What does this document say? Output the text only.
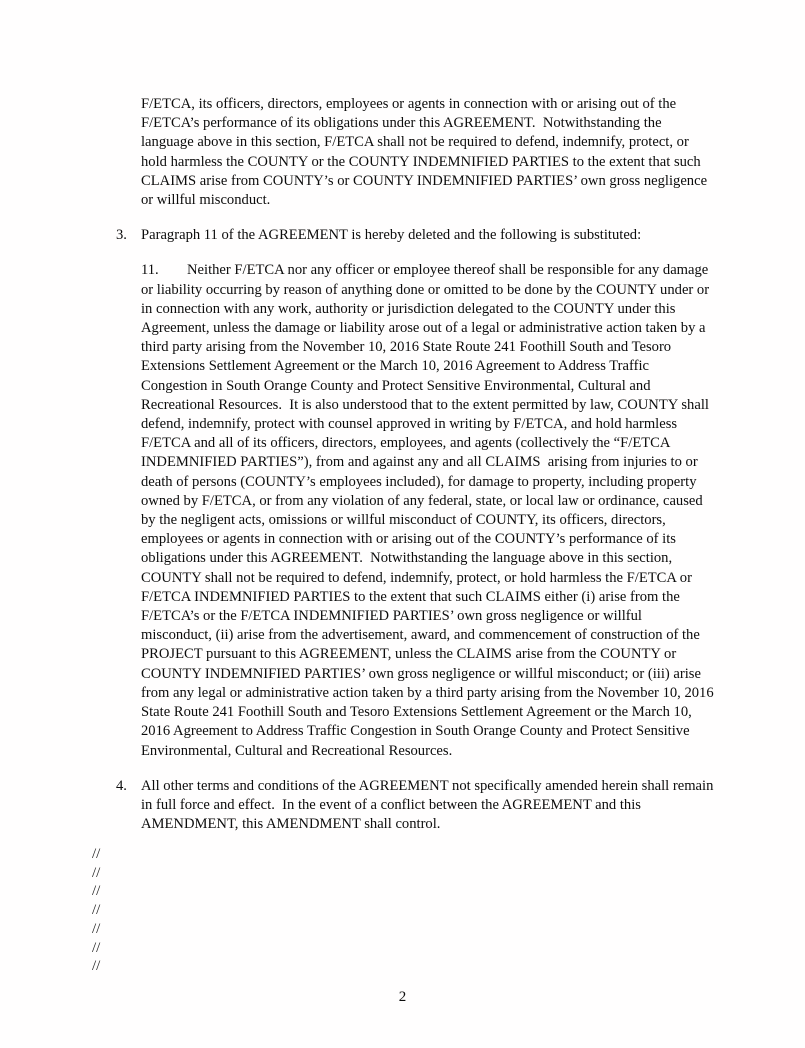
F/ETCA, its officers, directors, employees or agents in connection with or arising out of the F/ETCA’s performance of its obligations under this AGREEMENT.  Notwithstanding the language above in this section, F/ETCA shall not be required to defend, indemnify, protect, or hold harmless the COUNTY or the COUNTY INDEMNIFIED PARTIES to the extent that such CLAIMS arise from COUNTY’s or COUNTY INDEMNIFIED PARTIES’ own gross negligence or willful misconduct.

3. Paragraph 11 of the AGREEMENT is hereby deleted and the following is substituted:

11. Neither F/ETCA nor any officer or employee thereof shall be responsible for any damage or liability occurring by reason of anything done or omitted to be done by the COUNTY under or in connection with any work, authority or jurisdiction delegated to the COUNTY under this Agreement, unless the damage or liability arose out of a legal or administrative action taken by a third party arising from the November 10, 2016 State Route 241 Foothill South and Tesoro Extensions Settlement Agreement or the March 10, 2016 Agreement to Address Traffic Congestion in South Orange County and Protect Sensitive Environmental, Cultural and Recreational Resources.  It is also understood that to the extent permitted by law, COUNTY shall defend, indemnify, protect with counsel approved in writing by F/ETCA, and hold harmless F/ETCA and all of its officers, directors, employees, and agents (collectively the “F/ETCA INDEMNIFIED PARTIES”), from and against any and all CLAIMS  arising from injuries to or death of persons (COUNTY’s employees included), for damage to property, including property owned by F/ETCA, or from any violation of any federal, state, or local law or ordinance, caused by the negligent acts, omissions or willful misconduct of COUNTY, its officers, directors, employees or agents in connection with or arising out of the COUNTY’s performance of its obligations under this AGREEMENT.  Notwithstanding the language above in this section, COUNTY shall not be required to defend, indemnify, protect, or hold harmless the F/ETCA or F/ETCA INDEMNIFIED PARTIES to the extent that such CLAIMS either (i) arise from the F/ETCA’s or the F/ETCA INDEMNIFIED PARTIES’ own gross negligence or willful misconduct, (ii) arise from the advertisement, award, and commencement of construction of the PROJECT pursuant to this AGREEMENT, unless the CLAIMS arise from the COUNTY or COUNTY INDEMNIFIED PARTIES’ own gross negligence or willful misconduct; or (iii) arise from any legal or administrative action taken by a third party arising from the November 10, 2016 State Route 241 Foothill South and Tesoro Extensions Settlement Agreement or the March 10, 2016 Agreement to Address Traffic Congestion in South Orange County and Protect Sensitive Environmental, Cultural and Recreational Resources.

4. All other terms and conditions of the AGREEMENT not specifically amended herein shall remain in full force and effect.  In the event of a conflict between the AGREEMENT and this AMENDMENT, this AMENDMENT shall control.
//
//
//
//
//
//
//
2
